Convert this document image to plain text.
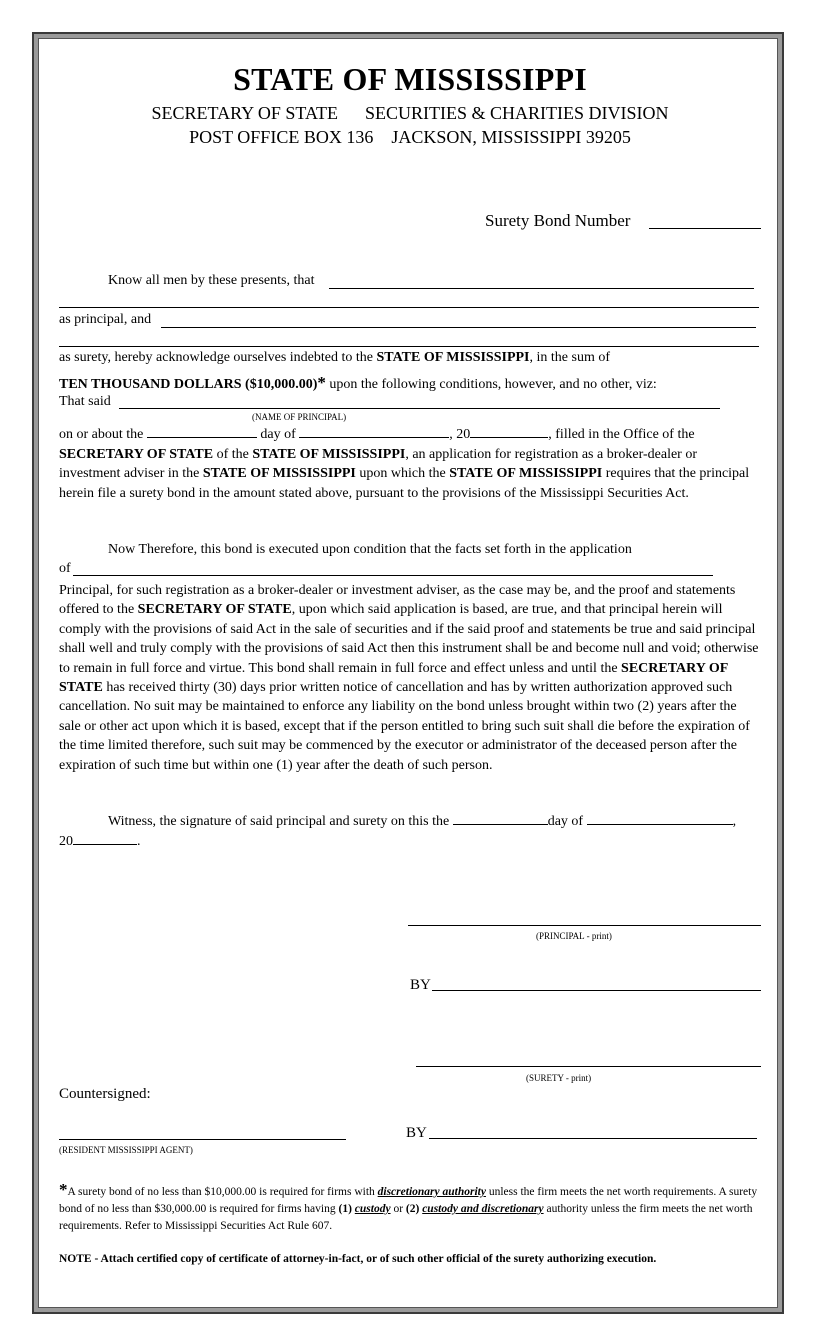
STATE OF MISSISSIPPI
SECRETARY OF STATE      SECURITIES & CHARITIES DIVISION
POST OFFICE BOX 136    JACKSON, MISSISSIPPI 39205
Surety Bond Number
Know all men by these presents, that
as principal, and
as surety, hereby acknowledge ourselves indebted to the STATE OF MISSISSIPPI, in the sum of
TEN THOUSAND DOLLARS ($10,000.00)* upon the following conditions, however, and no other, viz:
That said
(NAME OF PRINCIPAL)
on or about the	day of	, 20	, filled in the Office of the
SECRETARY OF STATE of the STATE OF MISSISSIPPI, an application for registration as a broker-dealer or investment adviser in the STATE OF MISSISSIPPI upon which the STATE OF MISSISSIPPI requires that the principal herein file a surety bond in the amount stated above, pursuant to the provisions of the Mississippi Securities Act.
Now Therefore, this bond is executed upon condition that the facts set forth in the application
of
Principal, for such registration as a broker-dealer or investment adviser, as the case may be, and the proof and statements offered to the SECRETARY OF STATE, upon which said application is based, are true, and that principal herein will comply with the provisions of said Act in the sale of securities and if the said proof and statements be true and said principal shall well and truly comply with the provisions of said Act then this instrument shall be and become null and void; otherwise to remain in full force and virtue. This bond shall remain in full force and effect unless and until the SECRETARY OF STATE has received thirty (30) days prior written notice of cancellation and has by written authorization approved such cancellation. No suit may be maintained to enforce any liability on the bond unless brought within two (2) years after the sale or other act upon which it is based, except that if the person entitled to bring such suit shall die before the expiration of the time limited therefore, such suit may be commenced by the executor or administrator of the deceased person after the expiration of such time but within one (1) year after the death of such person.
Witness, the signature of said principal and surety on this the	day of	,
20	.
(PRINCIPAL - print)
BY
(SURETY - print)
Countersigned:
(RESIDENT MISSISSIPPI AGENT)
BY
*A surety bond of no less than $10,000.00 is required for firms with discretionary authority unless the firm meets the net worth requirements. A surety bond of no less than $30,000.00 is required for firms having (1) custody or (2) custody and discretionary authority unless the firm meets the net worth requirements. Refer to Mississippi Securities Act Rule 607.
NOTE - Attach certified copy of certificate of attorney-in-fact, or of such other official of the surety authorizing execution.
